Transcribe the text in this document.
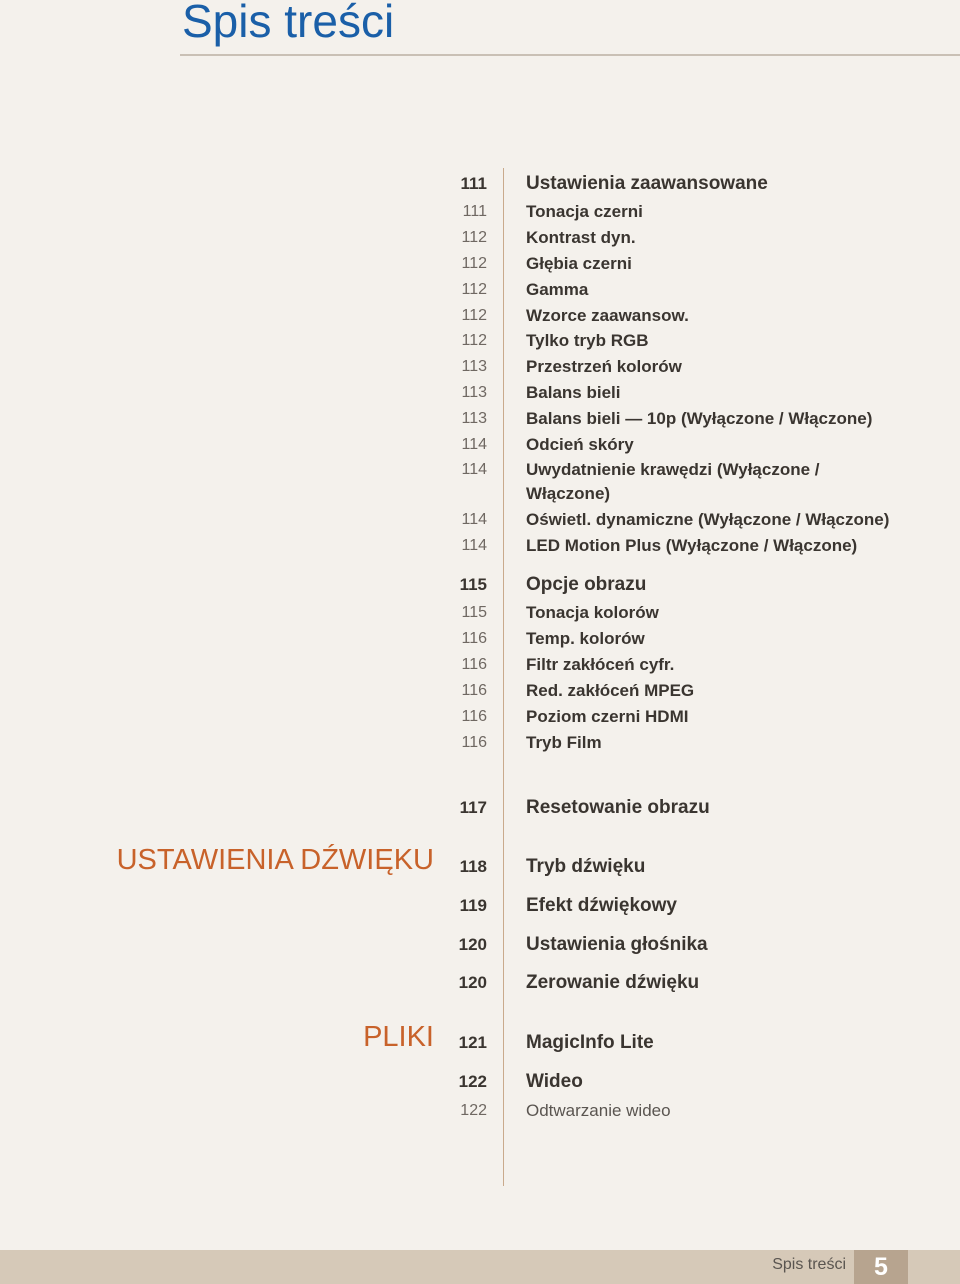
Spis treści
USTAWIENIA DŹWIĘKU
PLIKI
111 Ustawienia zaawansowane
111 Tonacja czerni
112 Kontrast dyn.
112 Głębia czerni
112 Gamma
112 Wzorce zaawansow.
112 Tylko tryb RGB
113 Przestrzeń kolorów
113 Balans bieli
113 Balans bieli — 10p (Wyłączone / Włączone)
114 Odcień skóry
114 Uwydatnienie krawędzi (Wyłączone / Włączone)
114 Oświetl. dynamiczne (Wyłączone / Włączone)
114 LED Motion Plus (Wyłączone / Włączone)
115 Opcje obrazu
115 Tonacja kolorów
116 Temp. kolorów
116 Filtr zakłóceń cyfr.
116 Red. zakłóceń MPEG
116 Poziom czerni HDMI
116 Tryb Film
117 Resetowanie obrazu
118 Tryb dźwięku
119 Efekt dźwiękowy
120 Ustawienia głośnika
120 Zerowanie dźwięku
121 MagicInfo Lite
122 Wideo
122 Odtwarzanie wideo
Spis treści	5
